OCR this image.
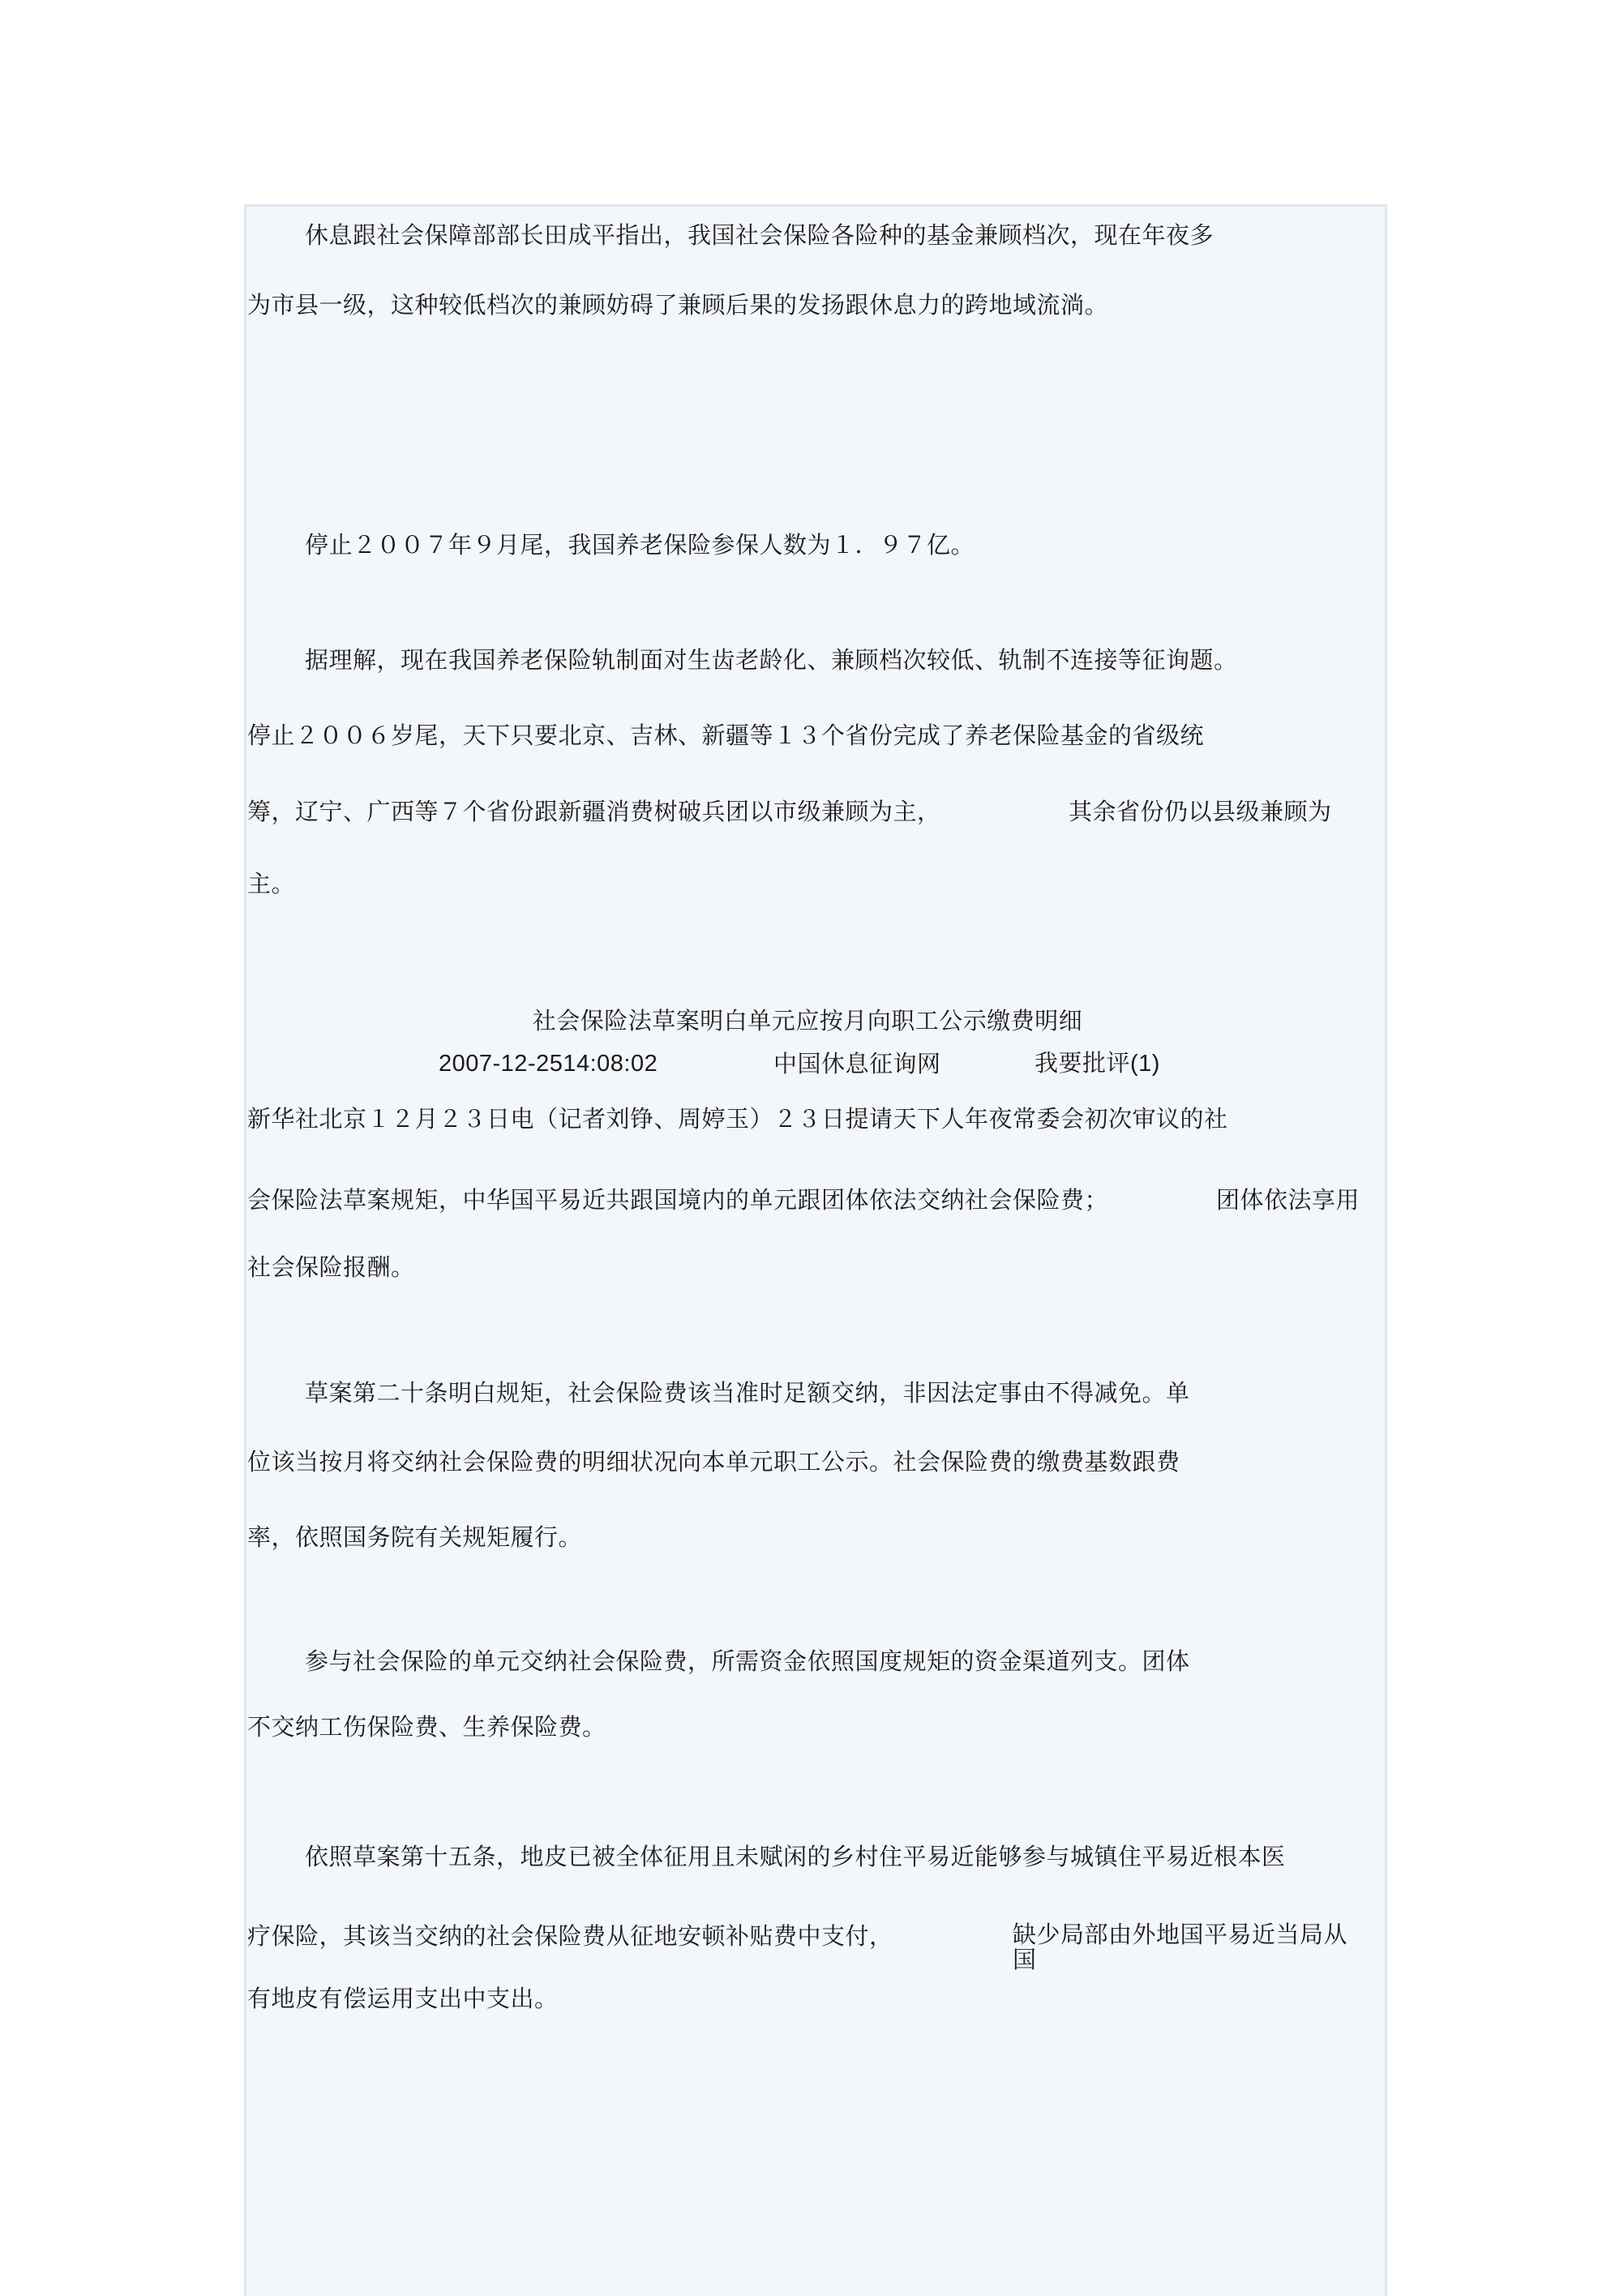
休息跟社会保障部部长田成平指出，我国社会保险各险种的基金兼顾档次，现在年夜多
为市县一级，这种较低档次的兼顾妨碍了兼顾后果的发扬跟休息力的跨地域流淌。
停止２００７年９月尾，我国养老保险参保人数为１．９７亿。
据理解，现在我国养老保险轨制面对生齿老龄化、兼顾档次较低、轨制不连接等征询题。
停止２００６岁尾，天下只要北京、吉林、新疆等１３个省份完成了养老保险基金的省级统
筹，辽宁、广西等７个省份跟新疆消费树破兵团以市级兼顾为主，	其余省份仍以县级兼顾为
主。
社会保险法草案明白单元应按月向职工公示缴费明细
2007-12-2514:08:02	中国休息征询网	我要批评(1)
新华社北京１２月２３日电（记者刘铮、周婷玉）２３日提请天下人年夜常委会初次审议的社
会保险法草案规矩，中华国平易近共跟国境内的单元跟团体依法交纳社会保险费；	团体依法享用
社会保险报酬。
草案第二十条明白规矩，社会保险费该当准时足额交纳，非因法定事由不得减免。单
位该当按月将交纳社会保险费的明细状况向本单元职工公示。社会保险费的缴费基数跟费
率，依照国务院有关规矩履行。
参与社会保险的单元交纳社会保险费，所需资金依照国度规矩的资金渠道列支。团体
不交纳工伤保险费、生养保险费。
依照草案第十五条，地皮已被全体征用且未赋闲的乡村住平易近能够参与城镇住平易近根本医
疗保险，其该当交纳的社会保险费从征地安顿补贴费中支付，	缺少局部由外地国平易近当局从
国
有地皮有偿运用支出中支出。
